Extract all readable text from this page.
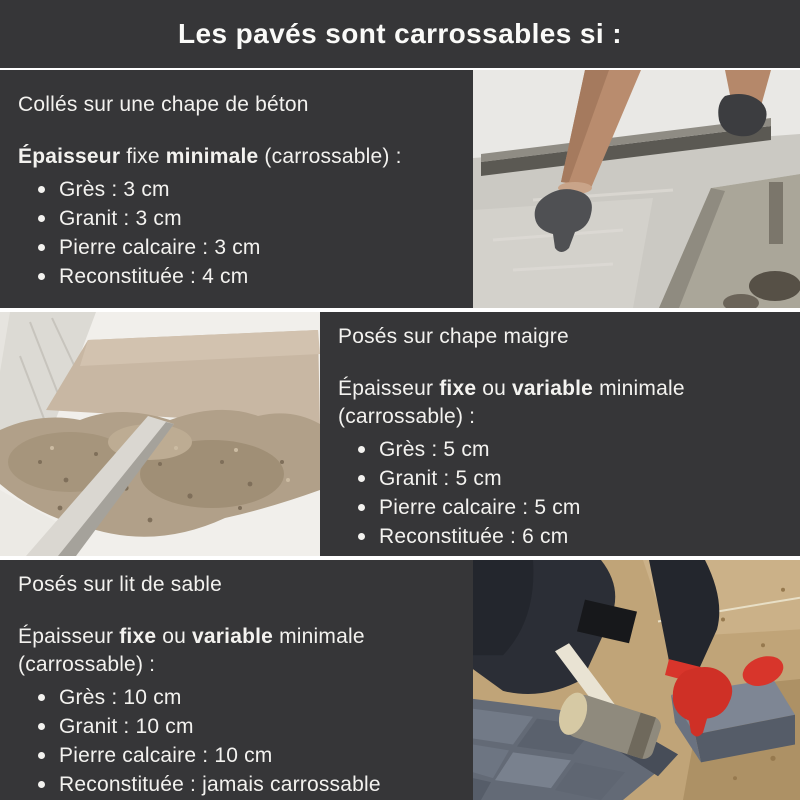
Les pavés sont carrossables si :

Collés sur une chape de béton

Épaisseur fixe minimale (carrossable) :

Grès : 3 cm
Granit : 3 cm
Pierre calcaire : 3 cm
Reconstituée : 4 cm

Posés sur chape maigre

Épaisseur fixe ou variable minimale (carrossable) :

Grès : 5 cm
Granit : 5 cm
Pierre calcaire : 5 cm
Reconstituée : 6 cm

Posés sur lit de sable

Épaisseur fixe ou variable minimale (carrossable) :

Grès : 10 cm
Granit : 10 cm
Pierre calcaire : 10 cm
Reconstituée : jamais carrossable
